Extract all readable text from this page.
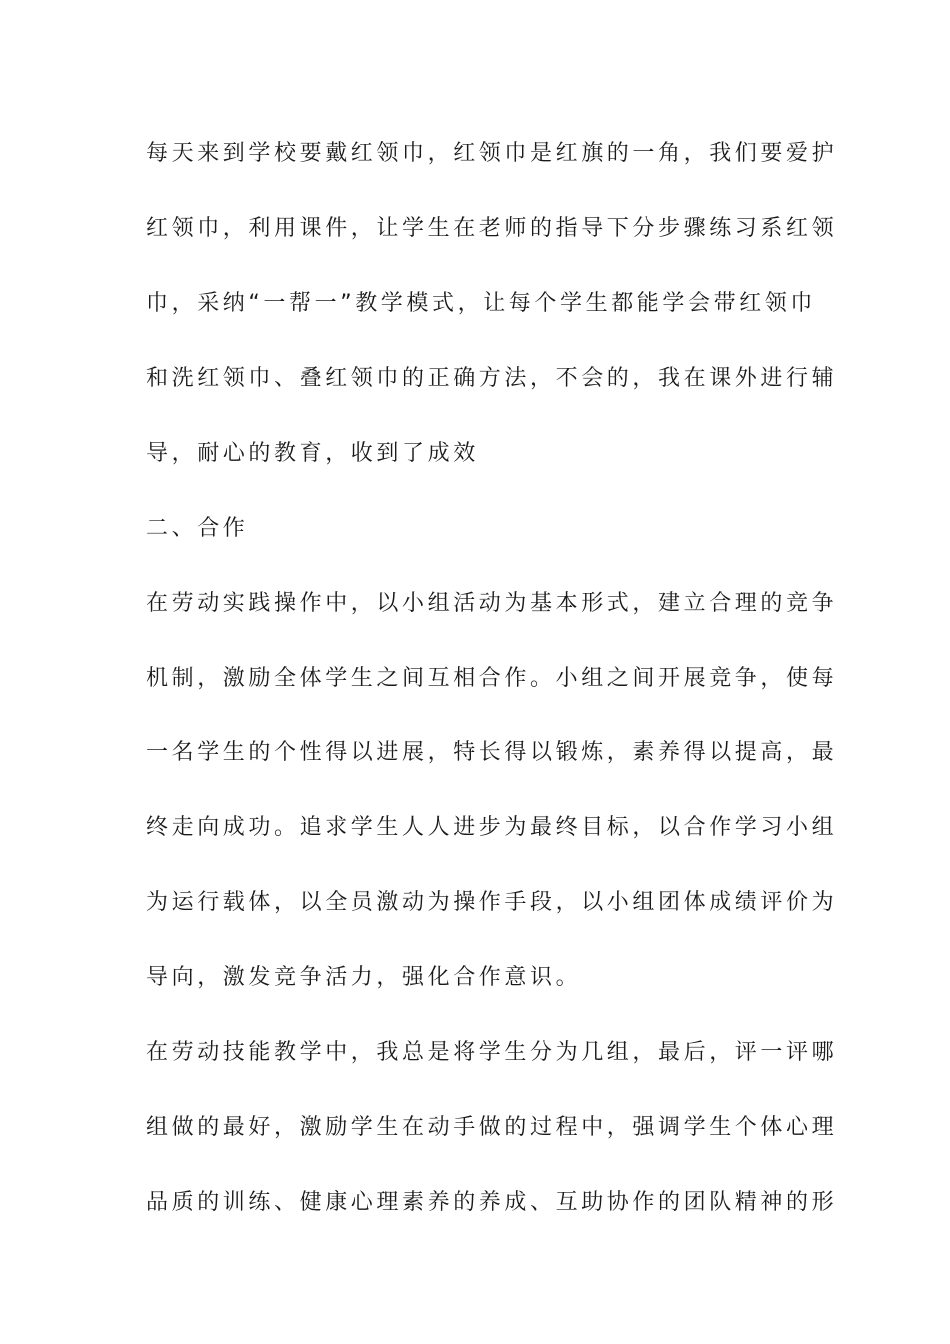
每天来到学校要戴红领巾，红领巾是红旗的一角，我们要爱护
红领巾，利用课件，让学生在老师的指导下分步骤练习系红领
巾，采纳“一帮一”教学模式，让每个学生都能学会带红领巾
和洗红领巾、叠红领巾的正确方法，不会的，我在课外进行辅
导，耐心的教育，收到了成效
二、合作
在劳动实践操作中，以小组活动为基本形式，建立合理的竞争
机制，激励全体学生之间互相合作。小组之间开展竞争，使每
一名学生的个性得以进展，特长得以锻炼，素养得以提高，最
终走向成功。追求学生人人进步为最终目标，以合作学习小组
为运行载体，以全员激动为操作手段，以小组团体成绩评价为
导向，激发竞争活力，强化合作意识。
在劳动技能教学中，我总是将学生分为几组，最后，评一评哪
组做的最好，激励学生在动手做的过程中，强调学生个体心理
品质的训练、健康心理素养的养成、互助协作的团队精神的形
